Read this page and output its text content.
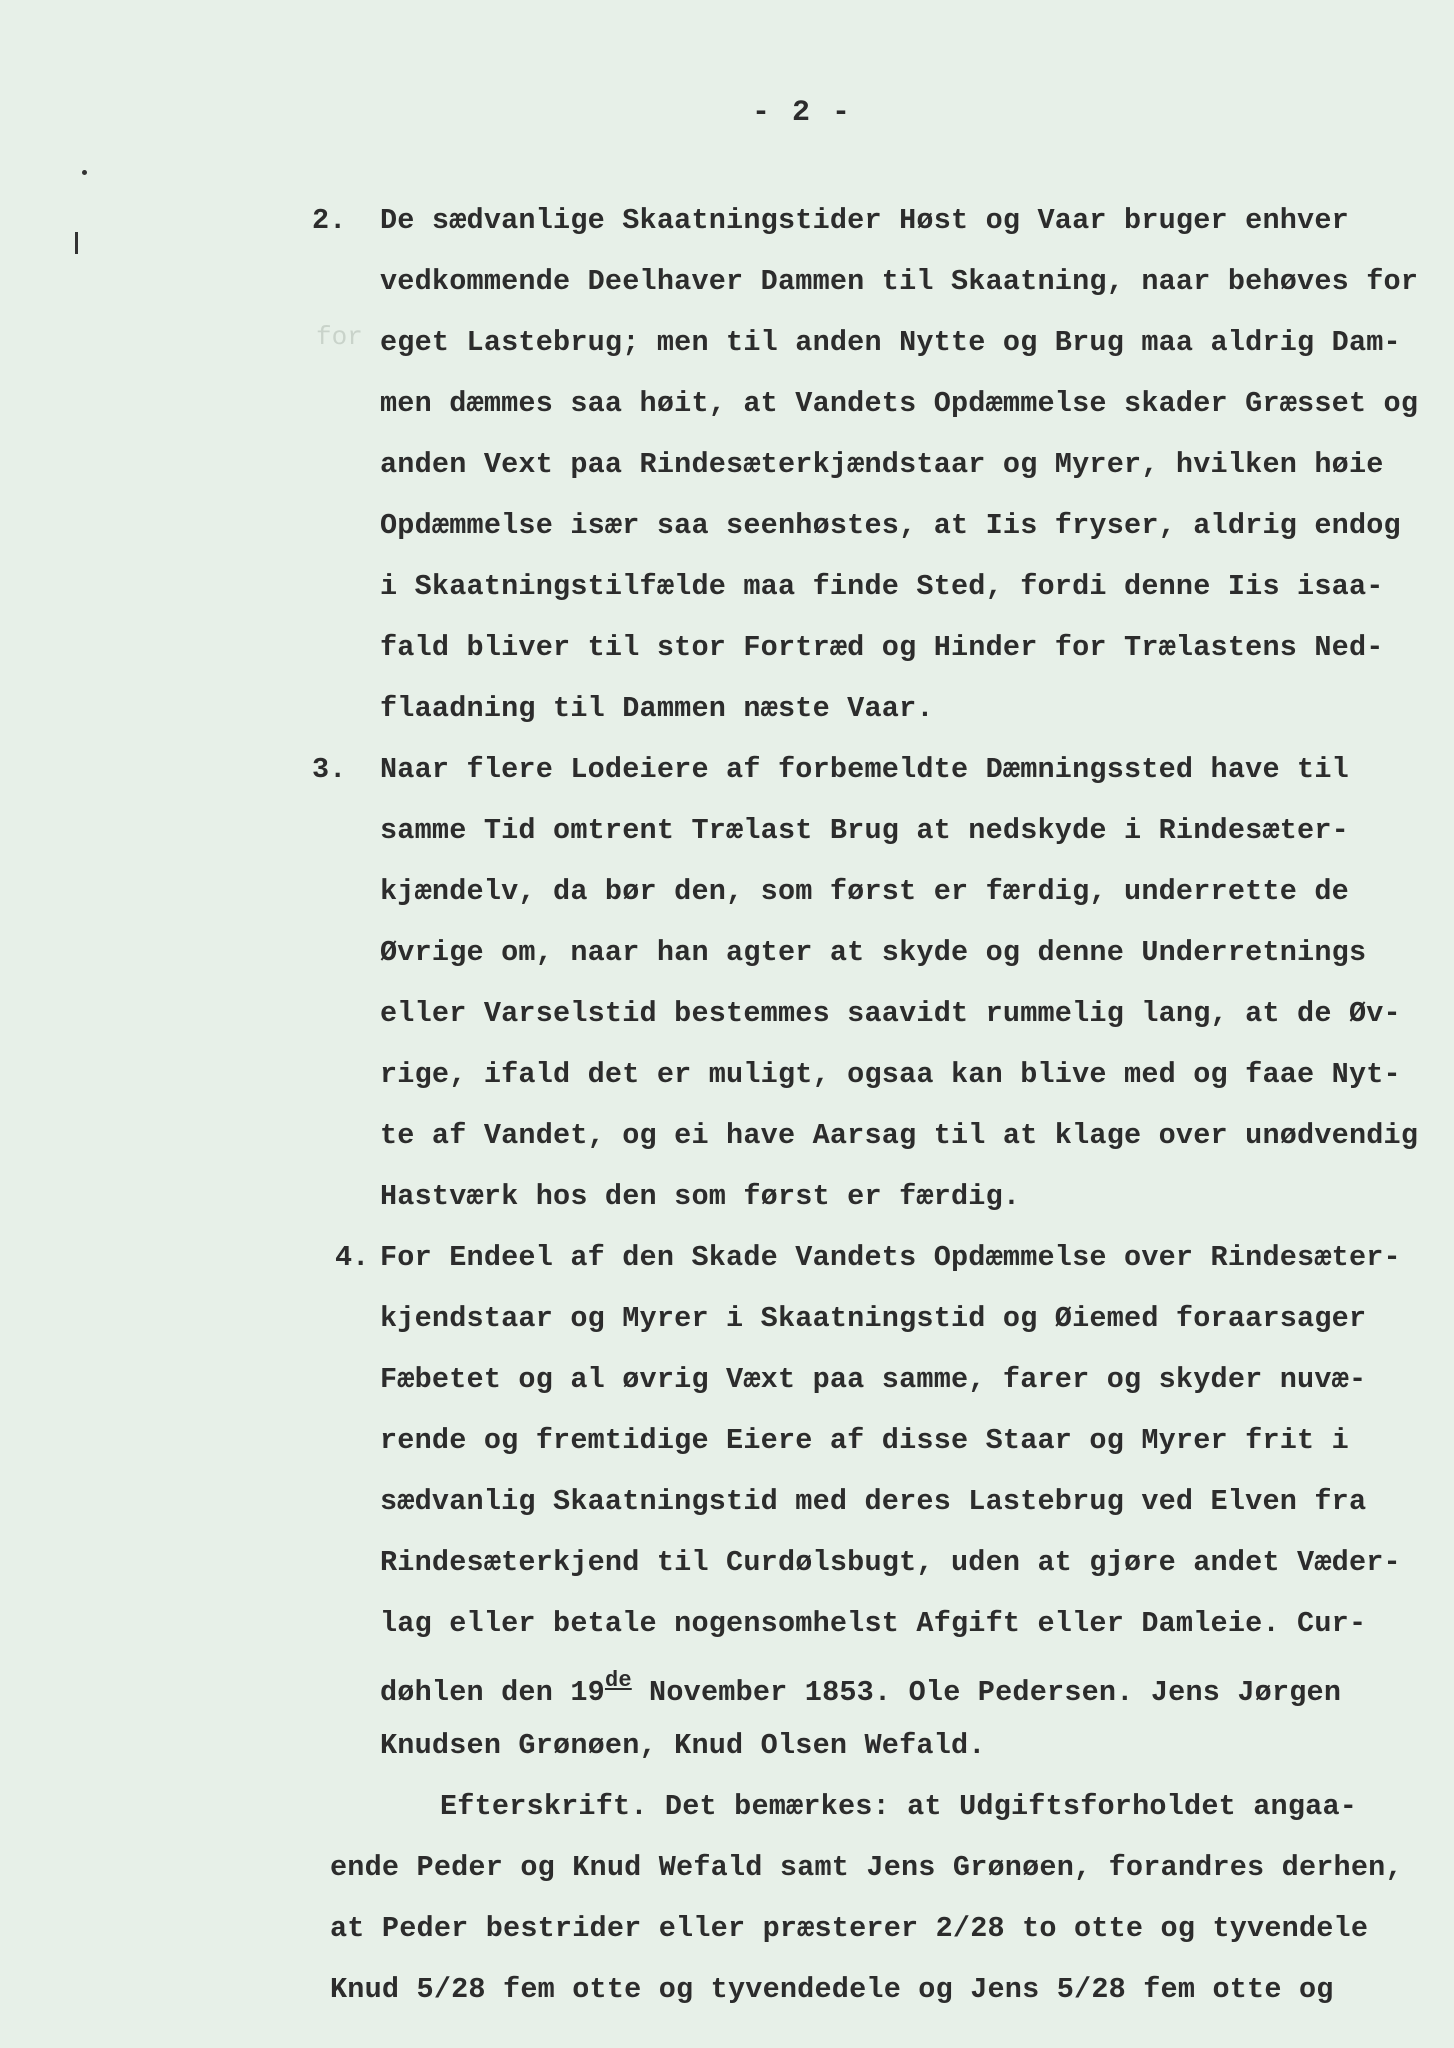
- 2 -
for
2. De sædvanlige Skaatningstider Høst og Vaar bruger enhver
vedkommende Deelhaver Dammen til Skaatning, naar behøves for
eget Lastebrug; men til anden Nytte og Brug maa aldrig Dam-
men dæmmes saa høit, at Vandets Opdæmmelse skader Græsset og
anden Vext paa Rindesæterkjændstaar og Myrer, hvilken høie
Opdæmmelse især saa seenhøstes, at Iis fryser, aldrig endog
i Skaatningstilfælde maa finde Sted, fordi denne Iis isaa-
fald bliver til stor Fortræd og Hinder for Trælastens Ned-
flaadning til Dammen næste Vaar.
3. Naar flere Lodeiere af forbemeldte Dæmningssted have til
samme Tid omtrent Trælast Brug at nedskyde i Rindesæter-
kjændelv, da bør den, som først er færdig, underrette de
Øvrige om, naar han agter at skyde og denne Underretnings
eller Varselstid bestemmes saavidt rummelig lang, at de Øv-
rige, ifald det er muligt, ogsaa kan blive med og faae Nyt-
te af Vandet, og ei have Aarsag til at klage over unødvendig
Hastværk hos den som først er færdig.
4. For Endeel af den Skade Vandets Opdæmmelse over Rindesæter-
kjendstaar og Myrer i Skaatningstid og Øiemed foraarsager
Fæbetet og al øvrig Væxt paa samme, farer og skyder nuvæ-
rende og fremtidige Eiere af disse Staar og Myrer frit i
sædvanlig Skaatningstid med deres Lastebrug ved Elven fra
Rindesæterkjend til Curdølsbugt, uden at gjøre andet Væder-
lag eller betale nogensomhelst Afgift eller Damleie. Cur-
døhlen den 19de November 1853. Ole Pedersen. Jens Jørgen
Knudsen Grønøen, Knud Olsen Wefald.
Efterskrift. Det bemærkes: at Udgiftsforholdet angaa-
ende Peder og Knud Wefald samt Jens Grønøen, forandres derhen,
at Peder bestrider eller præsterer 2/28 to otte og tyvendele
Knud 5/28 fem otte og tyvendedele og Jens 5/28 fem otte og
